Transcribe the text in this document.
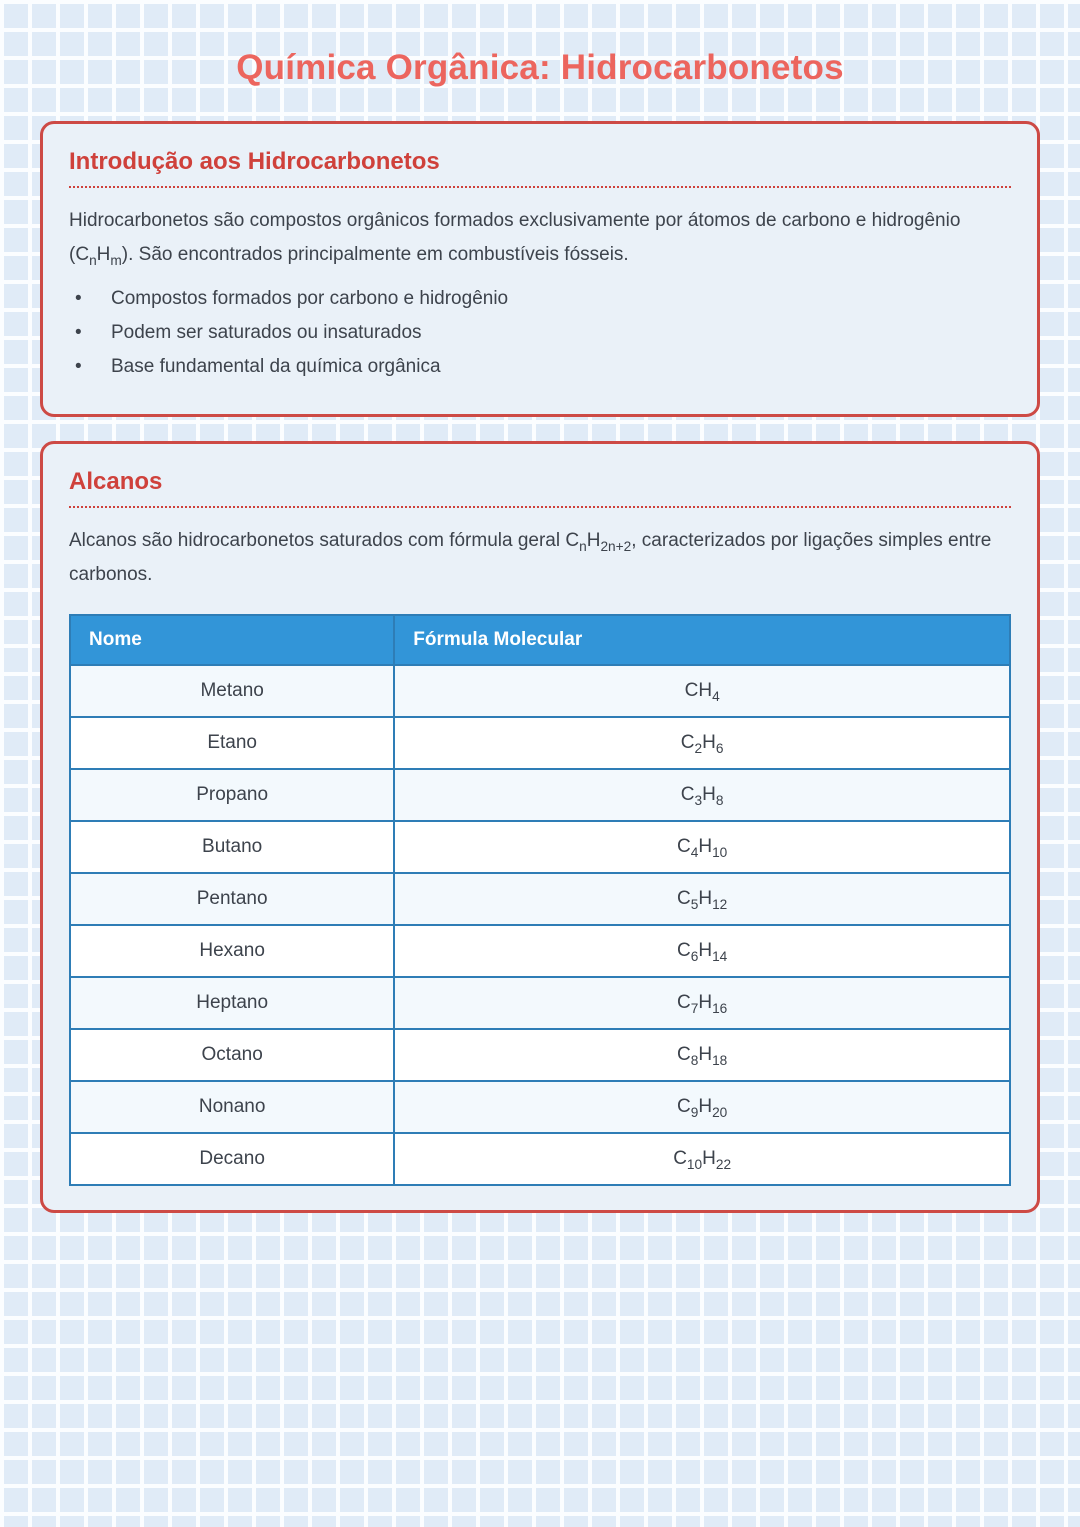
Química Orgânica: Hidrocarbonetos
Introdução aos Hidrocarbonetos

Hidrocarbonetos são compostos orgânicos formados exclusivamente por átomos de carbono e hidrogênio $(C_nH_m)$. São encontrados principalmente em combustíveis fósseis.

• Compostos formados por carbono e hidrogênio
• Podem ser saturados ou insaturados
• Base fundamental da química orgânica
Alcanos

Alcanos são hidrocarbonetos saturados com fórmula geral $C_nH_{2n+2}$, caracterizados por ligações simples entre carbonos.

Nome	Fórmula Molecular
Metano	$CH_4$
Etano	$C_2H_6$
Propano	$C_3H_8$
Butano	$C_4H_{10}$
Pentano	$C_5H_{12}$
Hexano	$C_6H_{14}$
Heptano	$C_7H_{16}$
Octano	$C_8H_{18}$
Nonano	$C_9H_{20}$
Decano	$C_{10}H_{22}$
